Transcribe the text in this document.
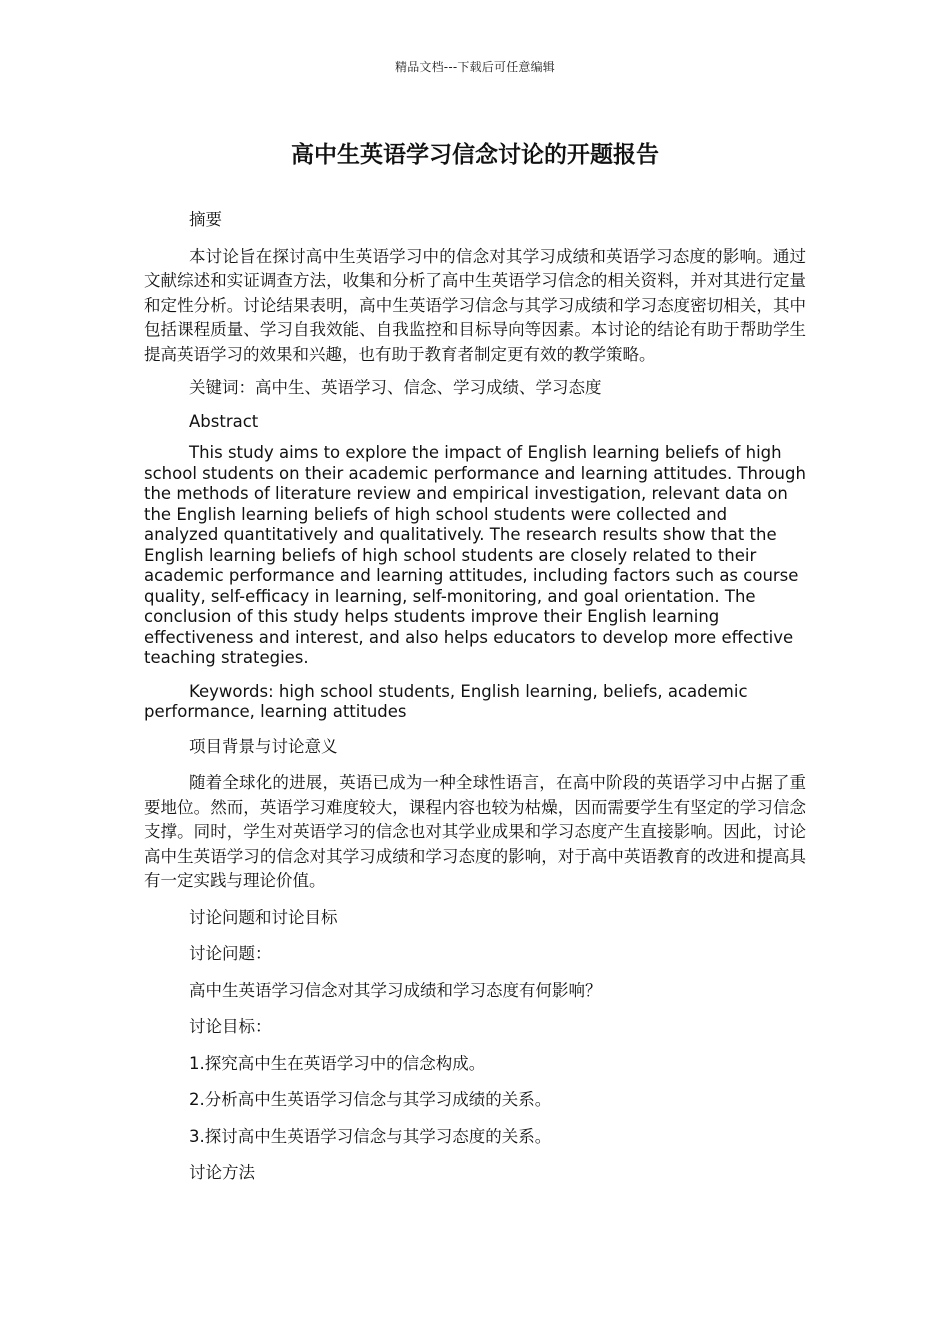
精品文档---下载后可任意编辑
高中生英语学习信念讨论的开题报告

摘要

本讨论旨在探讨高中生英语学习中的信念对其学习成绩和英语学习态度的影响。通过文献综述和实证调查方法，收集和分析了高中生英语学习信念的相关资料，并对其进行定量和定性分析。讨论结果表明，高中生英语学习信念与其学习成绩和学习态度密切相关，其中包括课程质量、学习自我效能、自我监控和目标导向等因素。本讨论的结论有助于帮助学生提高英语学习的效果和兴趣，也有助于教育者制定更有效的教学策略。

关键词：高中生、英语学习、信念、学习成绩、学习态度

Abstract

This study aims to explore the impact of English learning beliefs of high school students on their academic performance and learning attitudes. Through the methods of literature review and empirical investigation, relevant data on the English learning beliefs of high school students were collected and analyzed quantitatively and qualitatively. The research results show that the English learning beliefs of high school students are closely related to their academic performance and learning attitudes, including factors such as course quality, self-efficacy in learning, self-monitoring, and goal orientation. The conclusion of this study helps students improve their English learning effectiveness and interest, and also helps educators to develop more effective teaching strategies.

Keywords: high school students, English learning, beliefs, academic performance, learning attitudes

项目背景与讨论意义

随着全球化的进展，英语已成为一种全球性语言，在高中阶段的英语学习中占据了重要地位。然而，英语学习难度较大，课程内容也较为枯燥，因而需要学生有坚定的学习信念支撑。同时，学生对英语学习的信念也对其学业成果和学习态度产生直接影响。因此，讨论高中生英语学习的信念对其学习成绩和学习态度的影响，对于高中英语教育的改进和提高具有一定实践与理论价值。

讨论问题和讨论目标

讨论问题：

高中生英语学习信念对其学习成绩和学习态度有何影响？

讨论目标：

1.探究高中生在英语学习中的信念构成。

2.分析高中生英语学习信念与其学习成绩的关系。

3.探讨高中生英语学习信念与其学习态度的关系。

讨论方法
